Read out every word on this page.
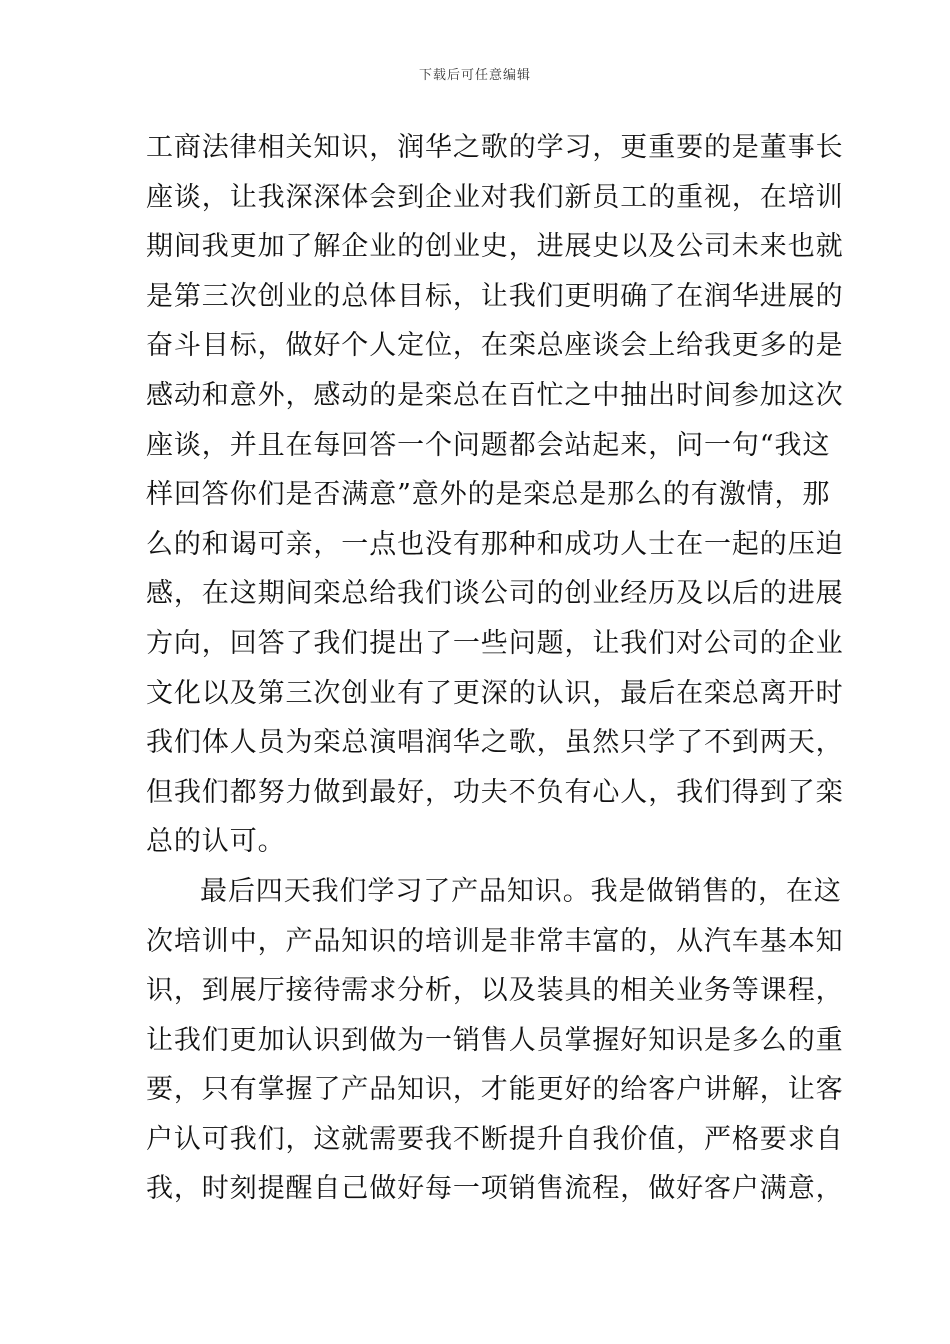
下载后可任意编辑
工商法律相关知识，润华之歌的学习，更重要的是董事长
座谈，让我深深体会到企业对我们新员工的重视，在培训
期间我更加了解企业的创业史，进展史以及公司未来也就
是第三次创业的总体目标，让我们更明确了在润华进展的
奋斗目标，做好个人定位，在栾总座谈会上给我更多的是
感动和意外，感动的是栾总在百忙之中抽出时间参加这次
座谈，并且在每回答一个问题都会站起来，问一句“我这
样回答你们是否满意”意外的是栾总是那么的有激情，那
么的和谒可亲，一点也没有那种和成功人士在一起的压迫
感，在这期间栾总给我们谈公司的创业经历及以后的进展
方向，回答了我们提出了一些问题，让我们对公司的企业
文化以及第三次创业有了更深的认识，最后在栾总离开时
我们体人员为栾总演唱润华之歌，虽然只学了不到两天，
但我们都努力做到最好，功夫不负有心人，我们得到了栾
总的认可。
最后四天我们学习了产品知识。我是做销售的，在这
次培训中，产品知识的培训是非常丰富的，从汽车基本知
识，到展厅接待需求分析，以及装具的相关业务等课程，
让我们更加认识到做为一销售人员掌握好知识是多么的重
要，只有掌握了产品知识，才能更好的给客户讲解，让客
户认可我们，这就需要我不断提升自我价值，严格要求自
我，时刻提醒自己做好每一项销售流程，做好客户满意，
